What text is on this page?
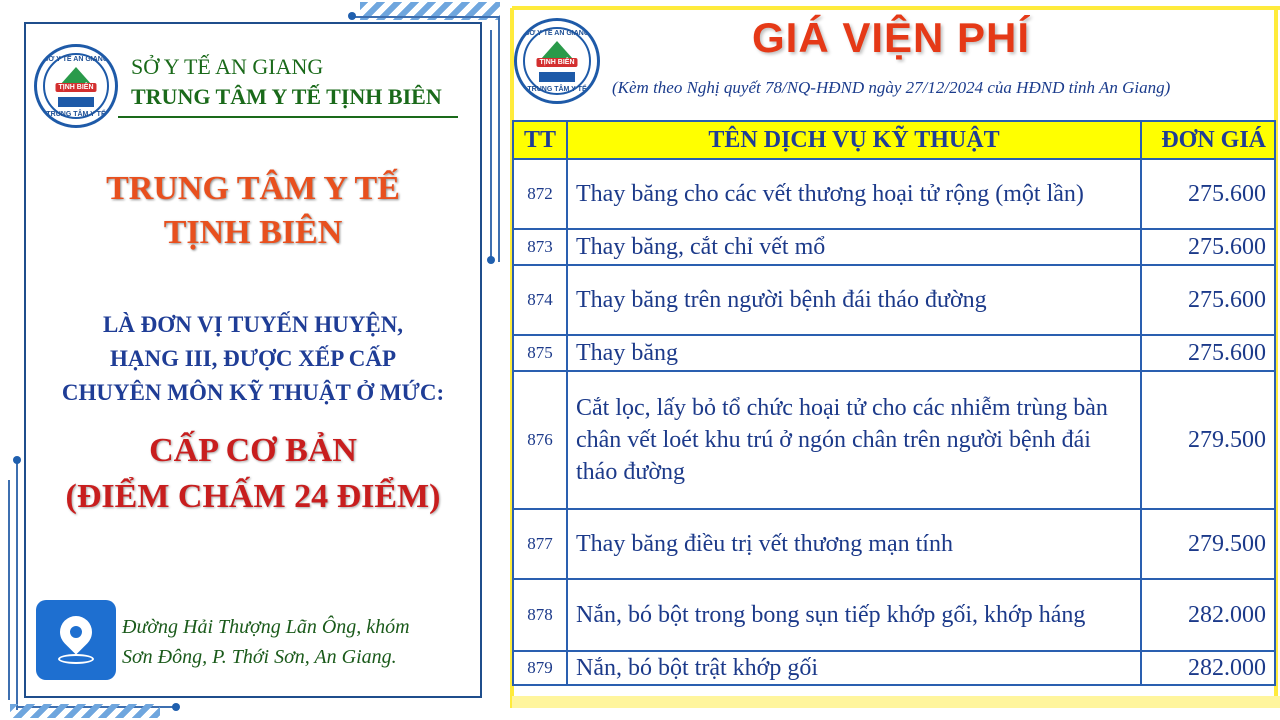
SỞ Y TẾ AN GIANG
TỊNH BIÊN
TRUNG TÂM Y TẾ
SỞ Y TẾ AN GIANG
TRUNG TÂM Y TẾ TỊNH BIÊN
TRUNG TÂM Y TẾ
TỊNH BIÊN
LÀ ĐƠN VỊ TUYẾN HUYỆN,
HẠNG III, ĐƯỢC XẾP CẤP
CHUYÊN MÔN KỸ THUẬT Ở MỨC:
CẤP CƠ BẢN
(ĐIỂM CHẤM 24 ĐIỂM)
Đường Hải Thượng Lãn Ông, khóm
Sơn Đông, P. Thới Sơn, An Giang.
SỞ Y TẾ AN GIANG
TỊNH BIÊN
TRUNG TÂM Y TẾ
GIÁ VIỆN PHÍ
(Kèm theo Nghị quyết 78/NQ-HĐND ngày 27/12/2024 của HĐND tỉnh An Giang)
TT	TÊN DỊCH VỤ KỸ THUẬT	ĐƠN GIÁ
872	Thay băng cho các vết thương hoại tử rộng (một lần)	275.600
873	Thay băng, cắt chỉ vết mổ	275.600
874	Thay băng trên người bệnh đái tháo đường	275.600
875	Thay băng	275.600
876	Cắt lọc, lấy bỏ tổ chức hoại tử cho các nhiễm trùng bàn chân vết loét khu trú ở ngón chân trên người bệnh đái tháo đường	279.500
877	Thay băng điều trị vết thương mạn tính	279.500
878	Nắn, bó bột trong bong sụn tiếp khớp gối, khớp háng	282.000
879	Nắn, bó bột trật khớp gối	282.000
